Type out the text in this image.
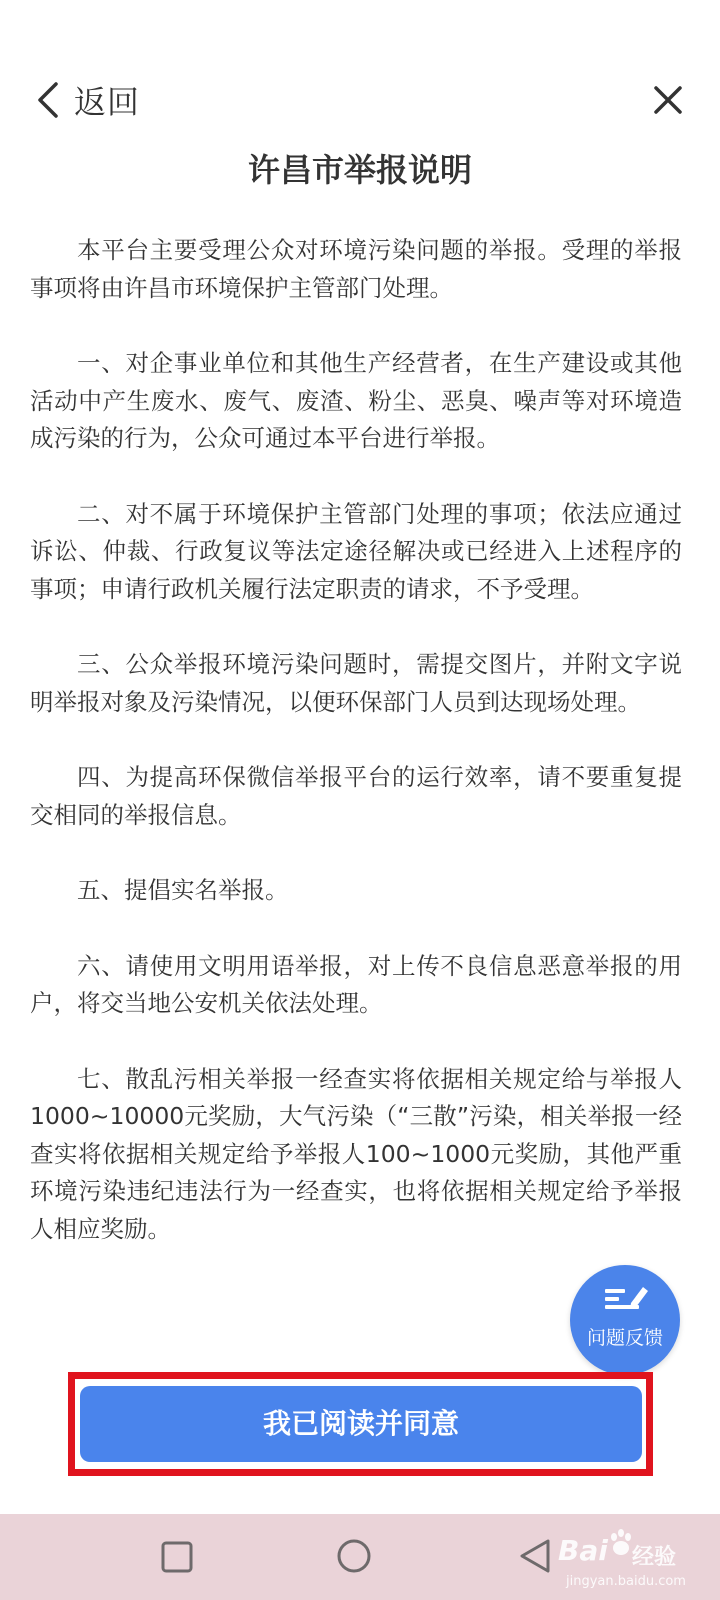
返回
许昌市举报说明

本平台主要受理公众对环境污染问题的举报。受理的举报事项将由许昌市环境保护主管部门处理。

一、对企事业单位和其他生产经营者，在生产建设或其他活动中产生废水、废气、废渣、粉尘、恶臭、噪声等对环境造成污染的行为，公众可通过本平台进行举报。

二、对不属于环境保护主管部门处理的事项；依法应通过诉讼、仲裁、行政复议等法定途径解决或已经进入上述程序的事项；申请行政机关履行法定职责的请求，不予受理。

三、公众举报环境污染问题时，需提交图片，并附文字说明举报对象及污染情况，以便环保部门人员到达现场处理。

四、为提高环保微信举报平台的运行效率，请不要重复提交相同的举报信息。

五、提倡实名举报。

六、请使用文明用语举报，对上传不良信息恶意举报的用户，将交当地公安机关依法处理。

七、散乱污相关举报一经查实将依据相关规定给与举报人1000~10000元奖励，大气污染（“三散”污染，相关举报一经查实将依据相关规定给予举报人100~1000元奖励，其他严重环境污染违纪违法行为一经查实，也将依据相关规定给予举报人相应奖励。

问题反馈
我已阅读并同意
Bai 经验
jingyan.baidu.com
